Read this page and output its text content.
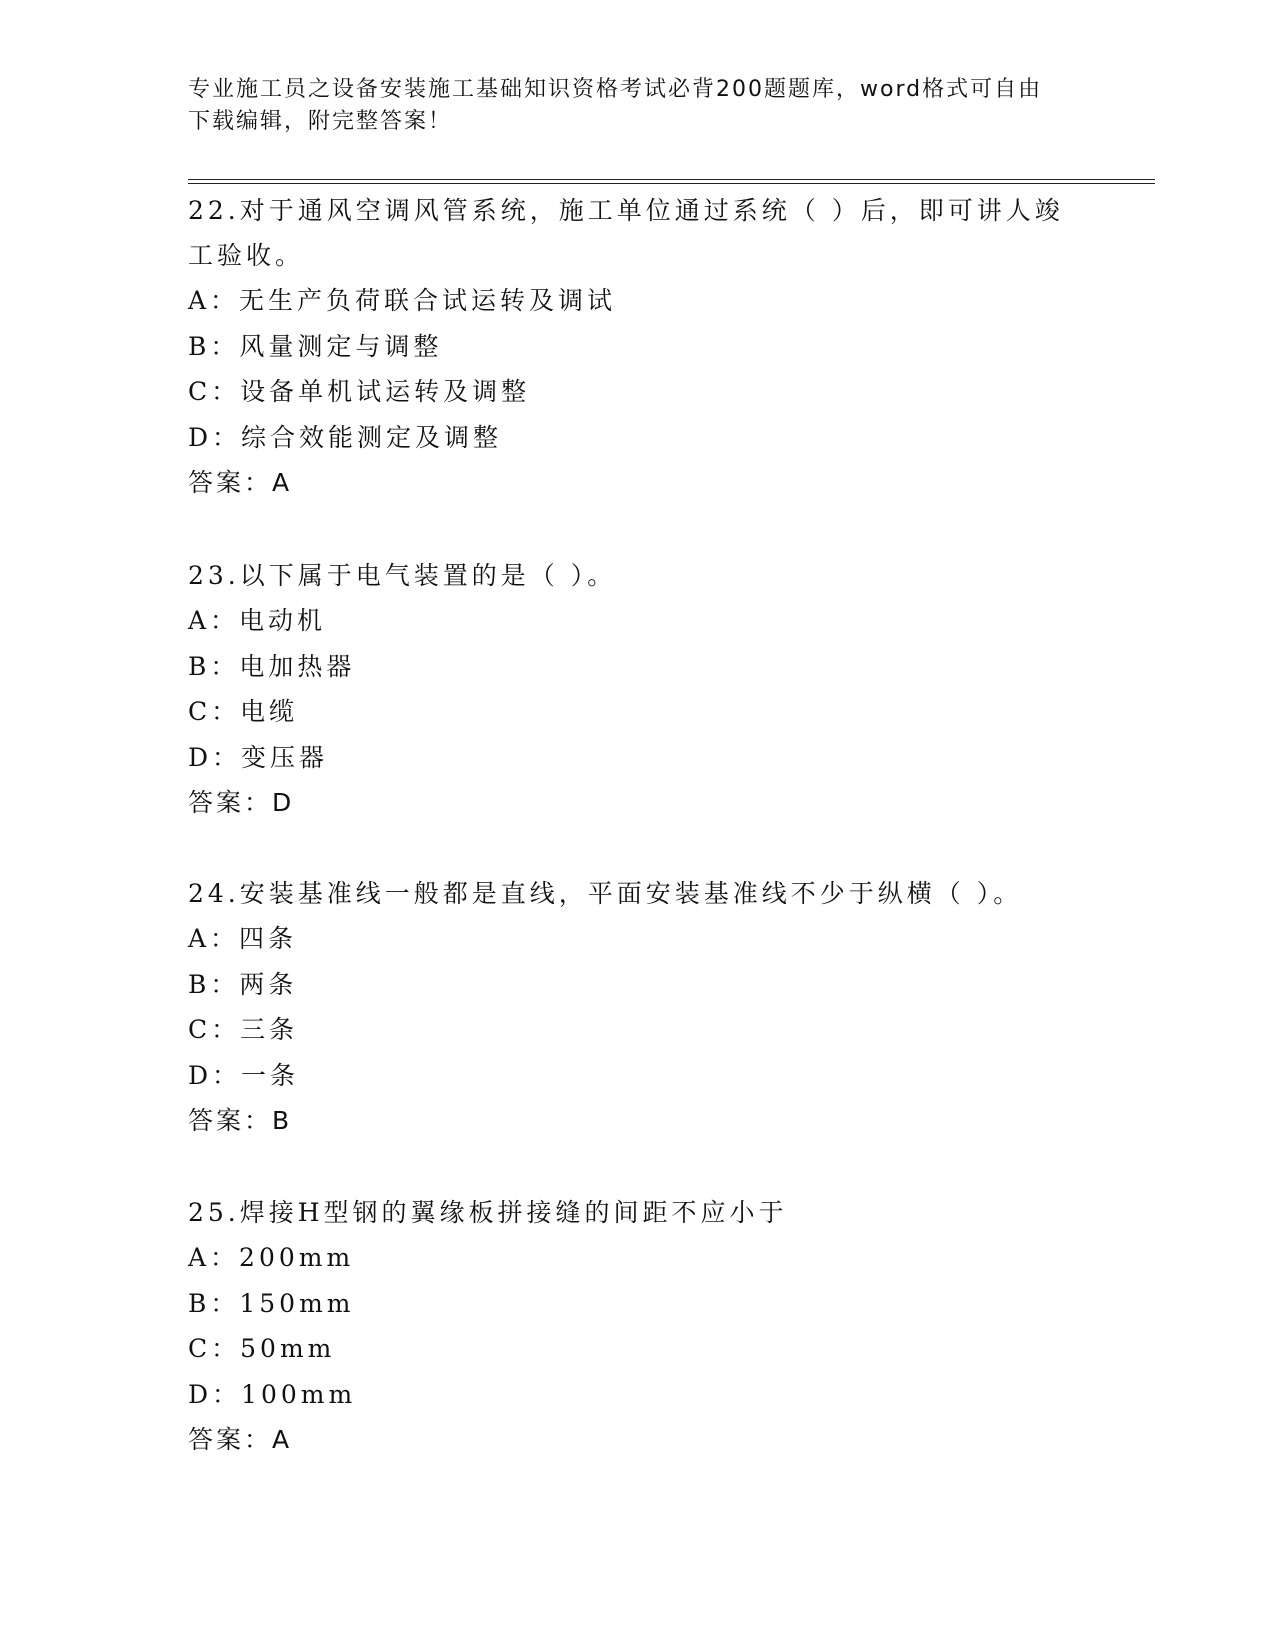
专业施工员之设备安装施工基础知识资格考试必背200题题库，word格式可自由
下载编辑，附完整答案！

22.对于通风空调风管系统，施工单位通过系统（ ）后，即可讲人竣

工验收。

A：无生产负荷联合试运转及调试

B：风量测定与调整

C：设备单机试运转及调整

D：综合效能测定及调整

答案：A

23.以下属于电气装置的是（ ）。

A：电动机

B：电加热器

C：电缆

D：变压器

答案：D

24.安装基准线一般都是直线，平面安装基准线不少于纵横（ ）。

A：四条

B：两条

C：三条

D：一条

答案：B

25.焊接H型钢的翼缘板拼接缝的间距不应小于

A：200mm

B：150mm

C：50mm

D：100mm

答案：A
